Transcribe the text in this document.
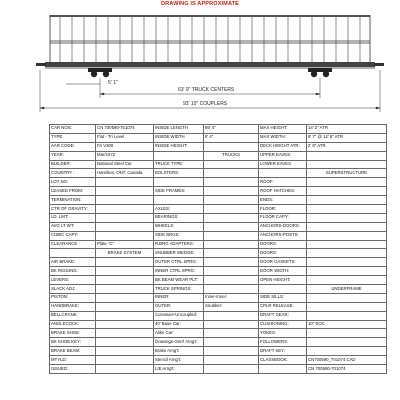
DRAWING IS APPROXIMATE
5' 1"
63' 9" TRUCK CENTERS
93' 10" COUPLERS
CAR NOS:	CN 700590-701074	INSIDE LENGTH	89' 4"	MAX HEIGHT:	14' 2" ATR
TYPE:	Flat - Tri Level	INSIDE WIDTH	8' 4"	MAX WIDTH:	9' 7" @ 12' 8" ATR
AAR CODE:	FA V300	INSIDE HEIGHT:		DECK HEIGHT ATR:	2' 8" ATR
YEAR:	Mar/1972		TRUCKS	UPPER EAVES:	
BUILDER:	National Steel Car	TRUCK TYPE:		LOWER EAVES:	
COUNTRY :	Hamilton, ONT, Canada	BOLSTERS:			SUPERSTRUCTURE
LOT NO:				ROOF:	
LEASED FROM:		SIDE FRAMES:		ROOF HATCHES:	
TERMINATION:				ENDS:	
CTR OF GRAVITY:		AXLES:		FLOOR:	
LD. LMT:		BEARINGS:		FLOOR CAPY:	
AVG LT WT:		WHEELS:		ANCHORS-DOORS:	
CUBIC CAPY:		SIDE BRGS:		ANCHORS-POSTS:	
CLEARANCE :	Plate "C"	R.BRG ADAPTERS:		DOORS:	
	BRAKE SYSTEM	SNUBBER WEDGE:		DOORS:	
AIR BRAKE:		OUTER CTRL SPRG:		DOOR GASKETS:	
BK RIGGING:		INNER CTRL SPRG:		DOOR WIDTH:	
LEVERS:		BK BEAM WEAR PLT:		OPEN HEIGHT:	
SLACK ADJ:		TRUCK SPRINGS:			UNDERFRAME
PISTON:		INNER:	Inner-Inner:	SIDE SILLS:	
HANDBRAKE:		OUTER:	Snubber:	CPLR RELEASE:	
BELLCRANK:		Curvature-Uncoupled:		DRAFT GEAR:	
ANGLECOCK:		40' Base Car:		CUSHIONING:	10" EOC
BRAKE SHOE:		Alike Car:		YOKES:	
BK SHOE KEY:		Drawings-Gen'l Arng't:		FOLLOWERS:	
BRAKE BEAM:		Brake Arng't:		DRAFT KEY:	
MTYLD:		Stencil Arng't:		CLASSBOOK:	CN700590_701074.CAD
ISSUED:		LIE Arng't:			CN 700590-701074
